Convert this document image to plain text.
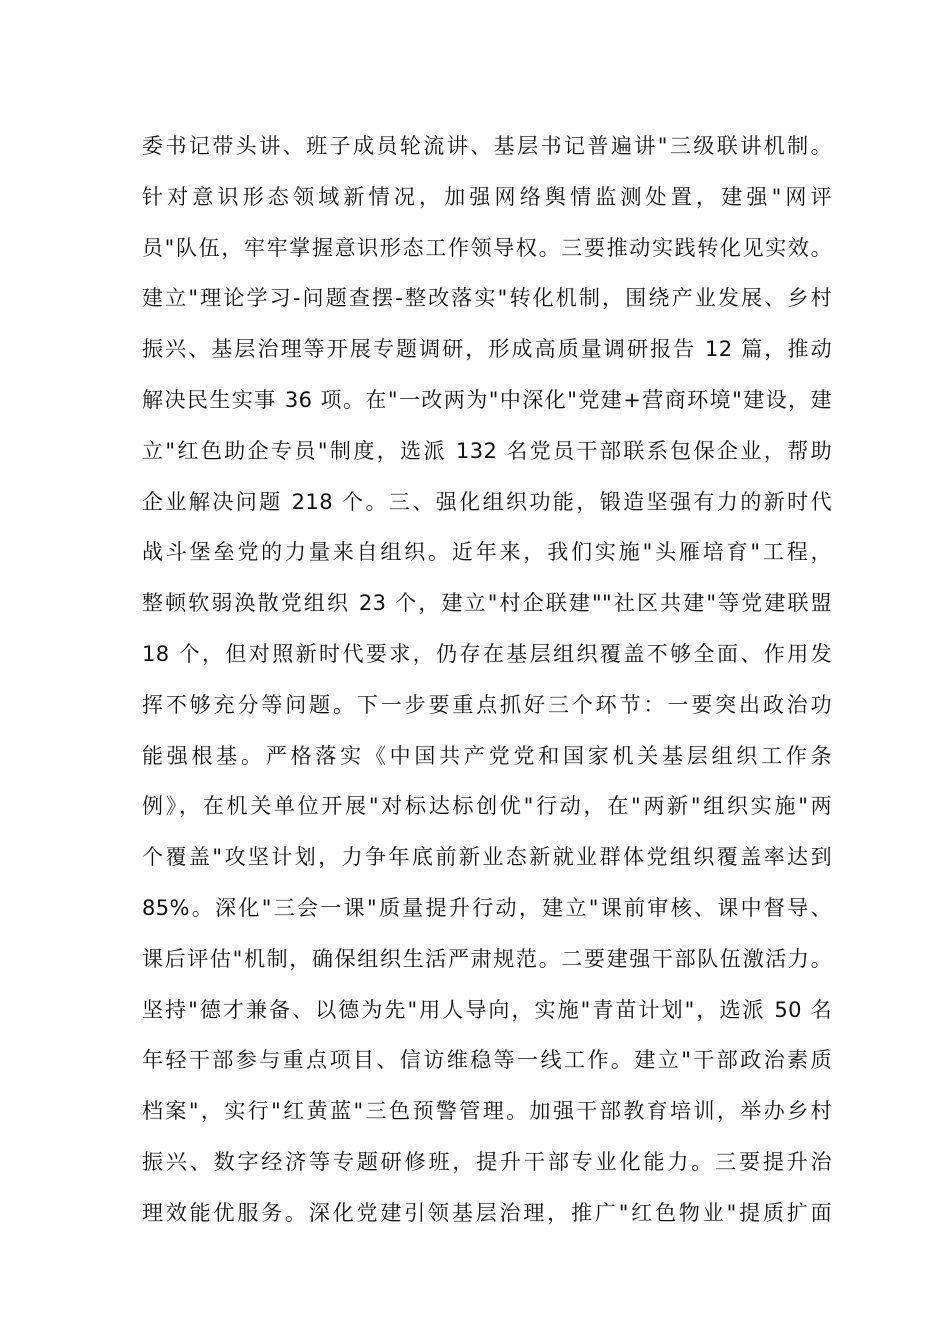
委书记带头讲、班子成员轮流讲、基层书记普遍讲"三级联讲机制。
针对意识形态领域新情况，加强网络舆情监测处置，建强"网评
员"队伍，牢牢掌握意识形态工作领导权。三要推动实践转化见实效。
建立"理论学习-问题查摆-整改落实"转化机制，围绕产业发展、乡村
振兴、基层治理等开展专题调研，形成高质量调研报告 12 篇，推动
解决民生实事 36 项。在"一改两为"中深化"党建+营商环境"建设，建
立"红色助企专员"制度，选派 132 名党员干部联系包保企业，帮助
企业解决问题 218 个。三、强化组织功能，锻造坚强有力的新时代
战斗堡垒党的力量来自组织。近年来，我们实施"头雁培育"工程，
整顿软弱涣散党组织 23 个，建立"村企联建""社区共建"等党建联盟
18 个，但对照新时代要求，仍存在基层组织覆盖不够全面、作用发
挥不够充分等问题。下一步要重点抓好三个环节：一要突出政治功
能强根基。严格落实《中国共产党党和国家机关基层组织工作条
例》，在机关单位开展"对标达标创优"行动，在"两新"组织实施"两
个覆盖"攻坚计划，力争年底前新业态新就业群体党组织覆盖率达到
85%。深化"三会一课"质量提升行动，建立"课前审核、课中督导、
课后评估"机制，确保组织生活严肃规范。二要建强干部队伍激活力。
坚持"德才兼备、以德为先"用人导向，实施"青苗计划"，选派 50 名
年轻干部参与重点项目、信访维稳等一线工作。建立"干部政治素质
档案"，实行"红黄蓝"三色预警管理。加强干部教育培训，举办乡村
振兴、数字经济等专题研修班，提升干部专业化能力。三要提升治
理效能优服务。深化党建引领基层治理，推广"红色物业"提质扩面
